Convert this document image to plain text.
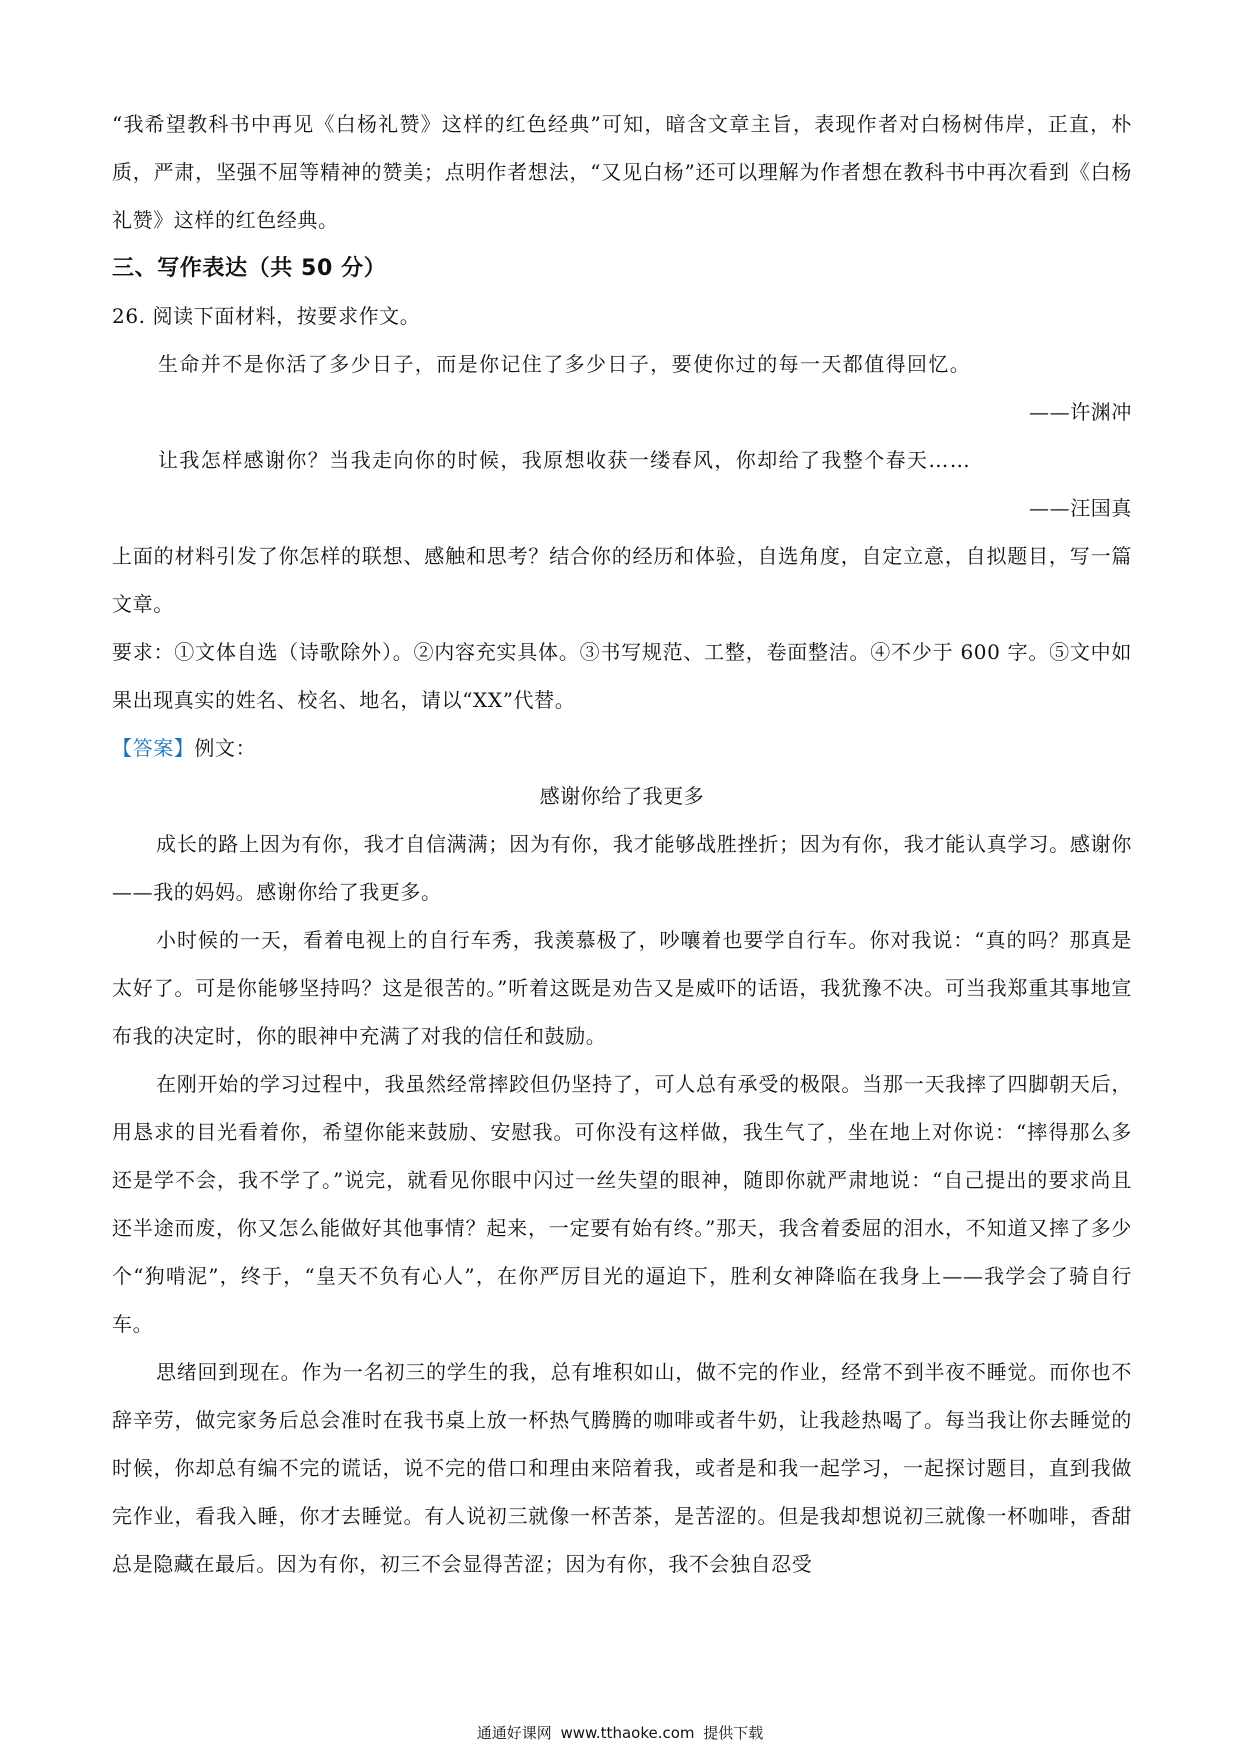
“我希望教科书中再见《白杨礼赞》这样的红色经典”可知，暗含文章主旨，表现作者对白杨树伟岸，正直，朴质，严肃，坚强不屈等精神的赞美；点明作者想法，“又见白杨”还可以理解为作者想在教科书中再次看到《白杨礼赞》这样的红色经典。

三、写作表达（共 50 分）

26. 阅读下面材料，按要求作文。

生命并不是你活了多少日子，而是你记住了多少日子，要使你过的每一天都值得回忆。

——许渊冲

让我怎样感谢你？当我走向你的时候，我原想收获一缕春风，你却给了我整个春天……

——汪国真

上面的材料引发了你怎样的联想、感触和思考？结合你的经历和体验，自选角度，自定立意，自拟题目，写一篇文章。

要求：①文体自选（诗歌除外）。②内容充实具体。③书写规范、工整，卷面整洁。④不少于 600 字。⑤文中如果出现真实的姓名、校名、地名，请以“XX”代替。

【答案】例文：

感谢你给了我更多

成长的路上因为有你，我才自信满满；因为有你，我才能够战胜挫折；因为有你，我才能认真学习。感谢你——我的妈妈。感谢你给了我更多。

小时候的一天，看着电视上的自行车秀，我羡慕极了，吵嚷着也要学自行车。你对我说：“真的吗？那真是太好了。可是你能够坚持吗？这是很苦的。”听着这既是劝告又是威吓的话语，我犹豫不决。可当我郑重其事地宣布我的决定时，你的眼神中充满了对我的信任和鼓励。

在刚开始的学习过程中，我虽然经常摔跤但仍坚持了，可人总有承受的极限。当那一天我摔了四脚朝天后，用恳求的目光看着你，希望你能来鼓励、安慰我。可你没有这样做，我生气了，坐在地上对你说：“摔得那么多还是学不会，我不学了。”说完，就看见你眼中闪过一丝失望的眼神，随即你就严肃地说：“自己提出的要求尚且还半途而废，你又怎么能做好其他事情？起来，一定要有始有终。”那天，我含着委屈的泪水，不知道又摔了多少个“狗啃泥”，终于，“皇天不负有心人”，在你严厉目光的逼迫下，胜利女神降临在我身上——我学会了骑自行车。

思绪回到现在。作为一名初三的学生的我，总有堆积如山，做不完的作业，经常不到半夜不睡觉。而你也不辞辛劳，做完家务后总会准时在我书桌上放一杯热气腾腾的咖啡或者牛奶，让我趁热喝了。每当我让你去睡觉的时候，你却总有编不完的谎话，说不完的借口和理由来陪着我，或者是和我一起学习，一起探讨题目，直到我做完作业，看我入睡，你才去睡觉。有人说初三就像一杯苦茶，是苦涩的。但是我却想说初三就像一杯咖啡，香甜总是隐藏在最后。因为有你，初三不会显得苦涩；因为有你，我不会独自忍受

通通好课网 www.tthaoke.com 提供下载
